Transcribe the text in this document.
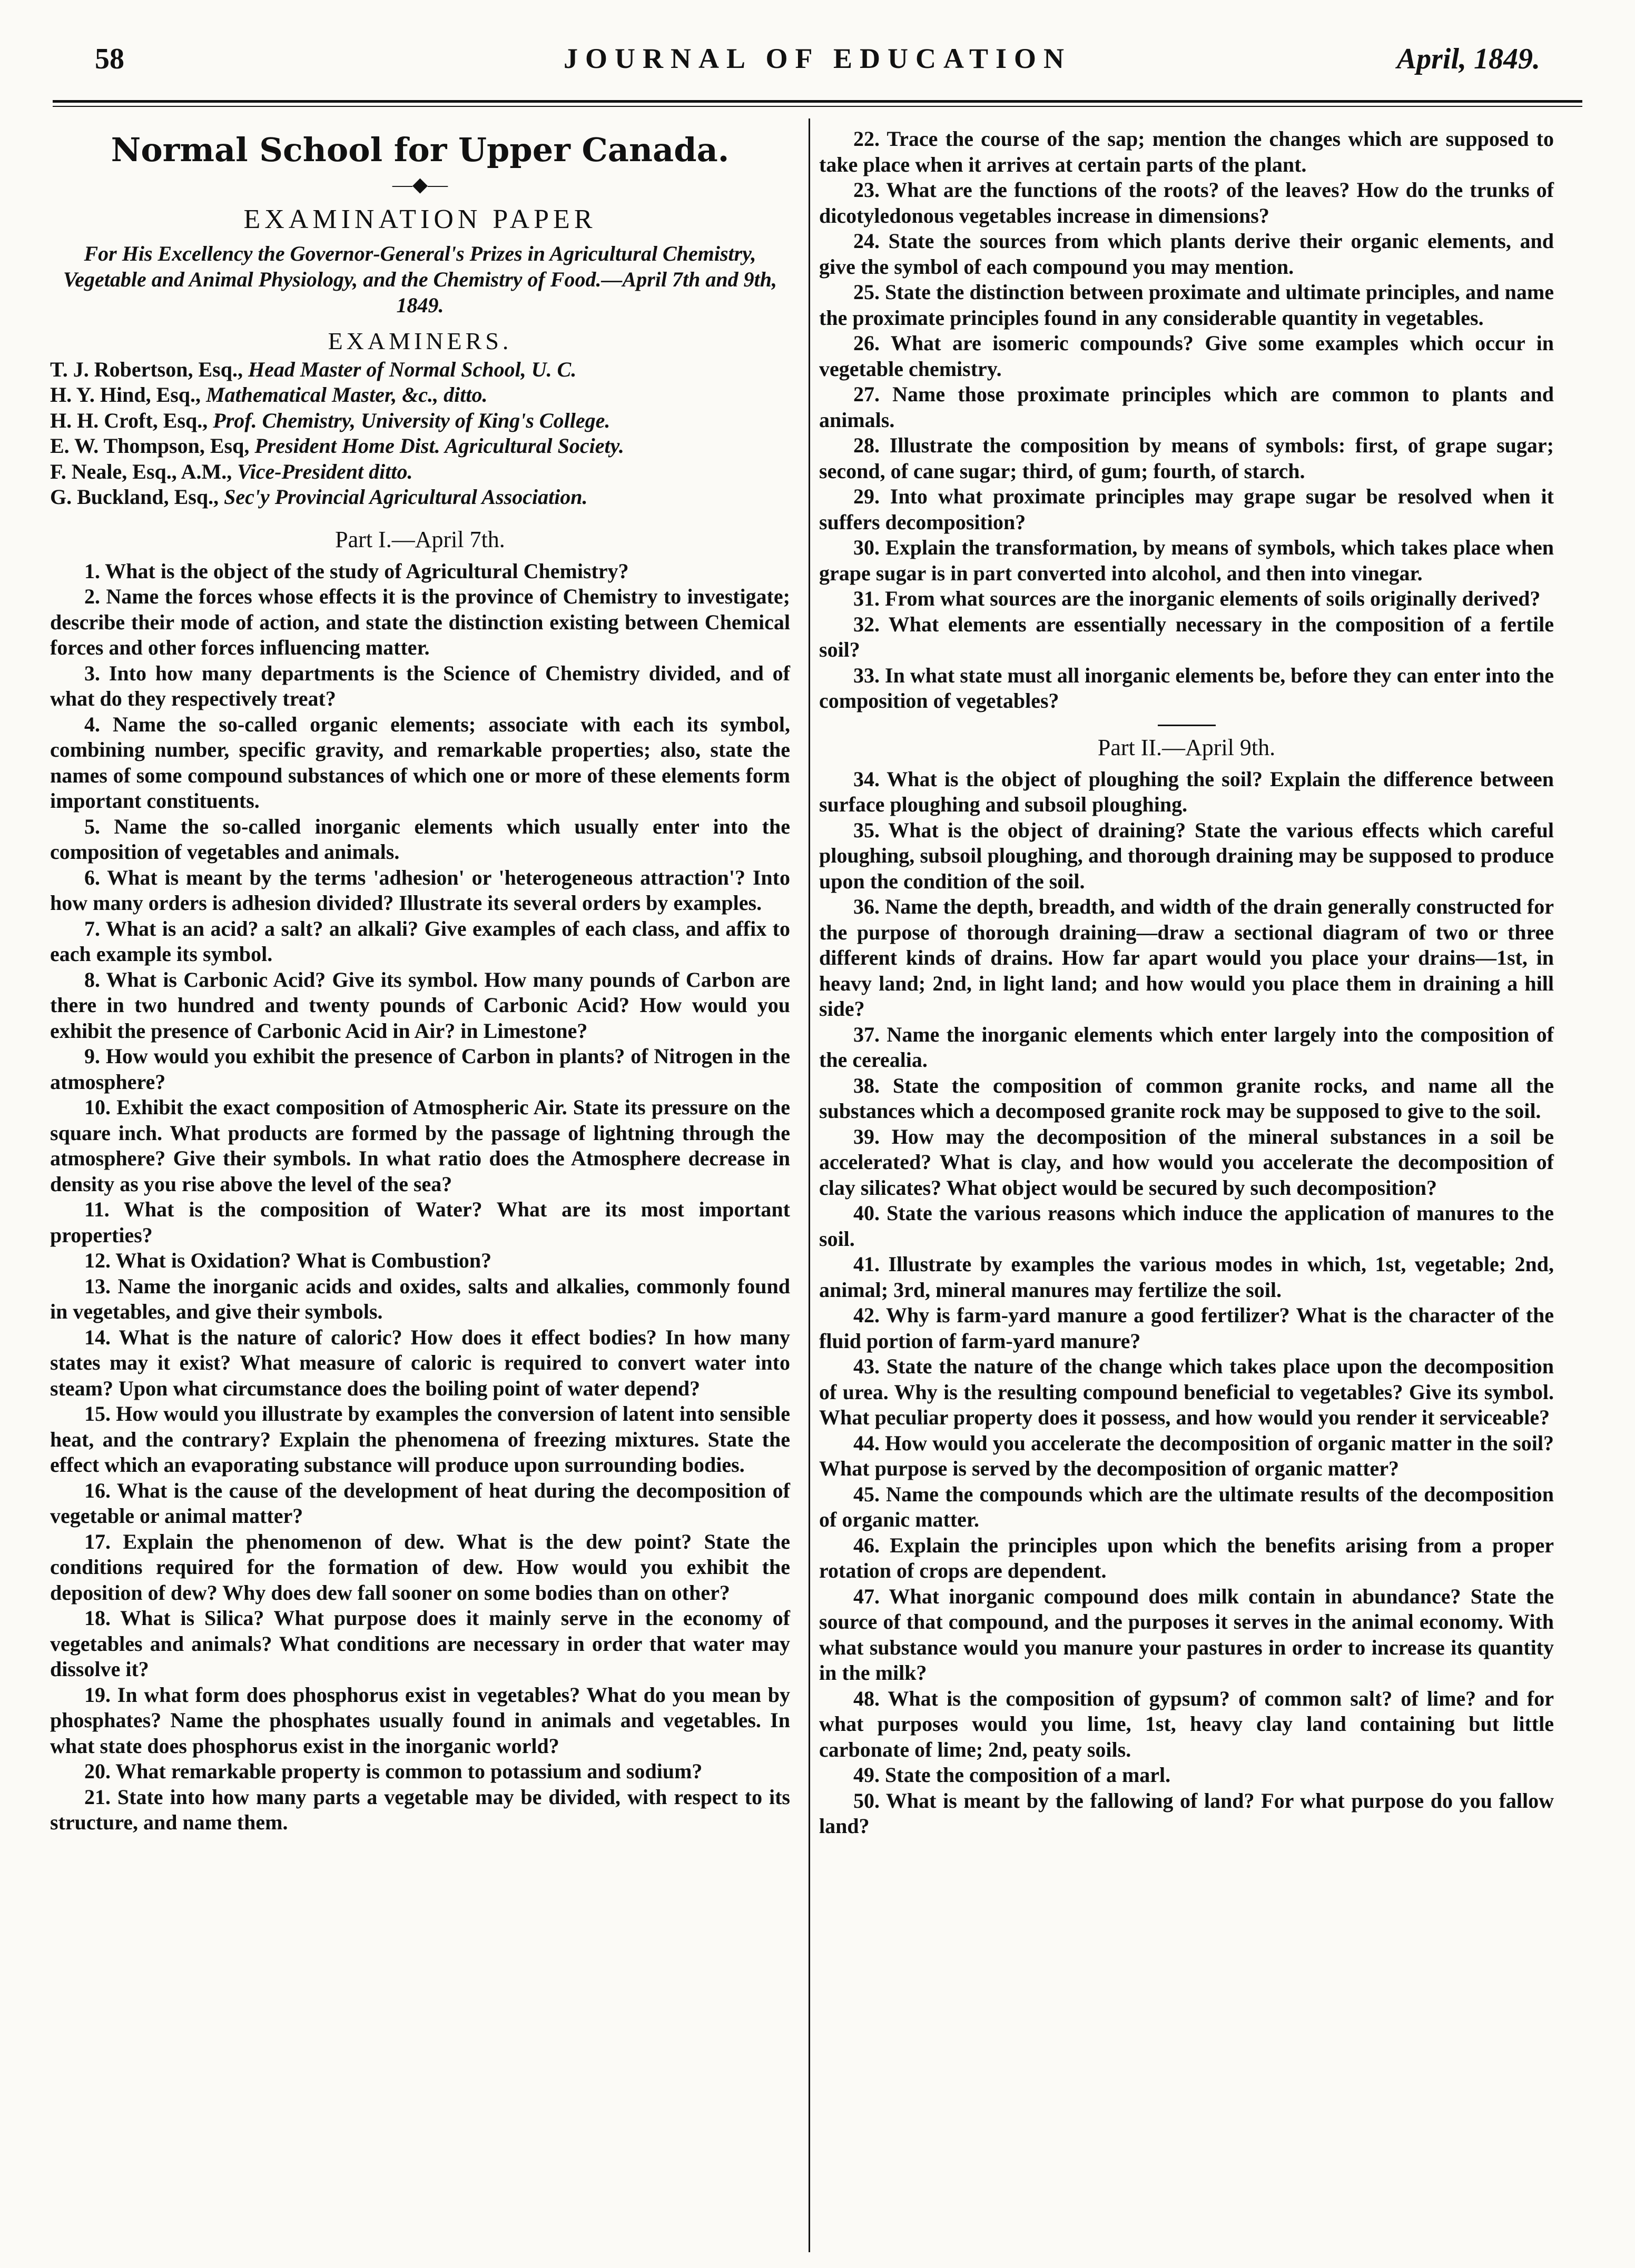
58	JOURNAL OF EDUCATION	April, 1849.
Normal School for Upper Canada.
—◆—
EXAMINATION PAPER
For His Excellency the Governor-General's Prizes in Agricultural Chemistry, Vegetable and Animal Physiology, and the Chemistry of Food.—April 7th and 9th, 1849.
EXAMINERS.
T. J. Robertson, Esq., Head Master of Normal School, U. C.
H. Y. Hind, Esq., Mathematical Master, &c., ditto.
H. H. Croft, Esq., Prof. Chemistry, University of King's College.
E. W. Thompson, Esq, President Home Dist. Agricultural Society.
F. Neale, Esq., A.M., Vice-President ditto.
G. Buckland, Esq., Sec'y Provincial Agricultural Association.
Part I.—April 7th.

1. What is the object of the study of Agricultural Chemistry?

2. Name the forces whose effects it is the province of Chemistry to investigate; describe their mode of action, and state the distinction existing between Chemical forces and other forces influencing matter.

3. Into how many departments is the Science of Chemistry divided, and of what do they respectively treat?

4. Name the so-called organic elements; associate with each its symbol, combining number, specific gravity, and remarkable properties; also, state the names of some compound substances of which one or more of these elements form important constituents.

5. Name the so-called inorganic elements which usually enter into the composition of vegetables and animals.

6. What is meant by the terms 'adhesion' or 'heterogeneous attraction'? Into how many orders is adhesion divided? Illustrate its several orders by examples.

7. What is an acid? a salt? an alkali? Give examples of each class, and affix to each example its symbol.

8. What is Carbonic Acid? Give its symbol. How many pounds of Carbon are there in two hundred and twenty pounds of Carbonic Acid? How would you exhibit the presence of Carbonic Acid in Air? in Limestone?

9. How would you exhibit the presence of Carbon in plants? of Nitrogen in the atmosphere?

10. Exhibit the exact composition of Atmospheric Air. State its pressure on the square inch. What products are formed by the passage of lightning through the atmosphere? Give their symbols. In what ratio does the Atmosphere decrease in density as you rise above the level of the sea?

11. What is the composition of Water? What are its most important properties?

12. What is Oxidation? What is Combustion?

13. Name the inorganic acids and oxides, salts and alkalies, commonly found in vegetables, and give their symbols.

14. What is the nature of caloric? How does it effect bodies? In how many states may it exist? What measure of caloric is required to convert water into steam? Upon what circumstance does the boiling point of water depend?

15. How would you illustrate by examples the conversion of latent into sensible heat, and the contrary? Explain the phenomena of freezing mixtures. State the effect which an evaporating substance will produce upon surrounding bodies.

16. What is the cause of the development of heat during the decomposition of vegetable or animal matter?

17. Explain the phenomenon of dew. What is the dew point? State the conditions required for the formation of dew. How would you exhibit the deposition of dew? Why does dew fall sooner on some bodies than on other?

18. What is Silica? What purpose does it mainly serve in the economy of vegetables and animals? What conditions are necessary in order that water may dissolve it?

19. In what form does phosphorus exist in vegetables? What do you mean by phosphates? Name the phosphates usually found in animals and vegetables. In what state does phosphorus exist in the inorganic world?

20. What remarkable property is common to potassium and sodium?

21. State into how many parts a vegetable may be divided, with respect to its structure, and name them.

22. Trace the course of the sap; mention the changes which are supposed to take place when it arrives at certain parts of the plant.

23. What are the functions of the roots? of the leaves? How do the trunks of dicotyledonous vegetables increase in dimensions?

24. State the sources from which plants derive their organic elements, and give the symbol of each compound you may mention.

25. State the distinction between proximate and ultimate principles, and name the proximate principles found in any considerable quantity in vegetables.

26. What are isomeric compounds? Give some examples which occur in vegetable chemistry.

27. Name those proximate principles which are common to plants and animals.

28. Illustrate the composition by means of symbols: first, of grape sugar; second, of cane sugar; third, of gum; fourth, of starch.

29. Into what proximate principles may grape sugar be resolved when it suffers decomposition?

30. Explain the transformation, by means of symbols, which takes place when grape sugar is in part converted into alcohol, and then into vinegar.

31. From what sources are the inorganic elements of soils originally derived?

32. What elements are essentially necessary in the composition of a fertile soil?

33. In what state must all inorganic elements be, before they can enter into the composition of vegetables?

Part II.—April 9th.

34. What is the object of ploughing the soil? Explain the difference between surface ploughing and subsoil ploughing.

35. What is the object of draining? State the various effects which careful ploughing, subsoil ploughing, and thorough draining may be supposed to produce upon the condition of the soil.

36. Name the depth, breadth, and width of the drain generally constructed for the purpose of thorough draining—draw a sectional diagram of two or three different kinds of drains. How far apart would you place your drains—1st, in heavy land; 2nd, in light land; and how would you place them in draining a hill side?

37. Name the inorganic elements which enter largely into the composition of the cerealia.

38. State the composition of common granite rocks, and name all the substances which a decomposed granite rock may be supposed to give to the soil.

39. How may the decomposition of the mineral substances in a soil be accelerated? What is clay, and how would you accelerate the decomposition of clay silicates? What object would be secured by such decomposition?

40. State the various reasons which induce the application of manures to the soil.

41. Illustrate by examples the various modes in which, 1st, vegetable; 2nd, animal; 3rd, mineral manures may fertilize the soil.

42. Why is farm-yard manure a good fertilizer? What is the character of the fluid portion of farm-yard manure?

43. State the nature of the change which takes place upon the decomposition of urea. Why is the resulting compound beneficial to vegetables? Give its symbol. What peculiar property does it possess, and how would you render it serviceable?

44. How would you accelerate the decomposition of organic matter in the soil? What purpose is served by the decomposition of organic matter?

45. Name the compounds which are the ultimate results of the decomposition of organic matter.

46. Explain the principles upon which the benefits arising from a proper rotation of crops are dependent.

47. What inorganic compound does milk contain in abundance? State the source of that compound, and the purposes it serves in the animal economy. With what substance would you manure your pastures in order to increase its quantity in the milk?

48. What is the composition of gypsum? of common salt? of lime? and for what purposes would you lime, 1st, heavy clay land containing but little carbonate of lime; 2nd, peaty soils.

49. State the composition of a marl.

50. What is meant by the fallowing of land? For what purpose do you fallow land?
